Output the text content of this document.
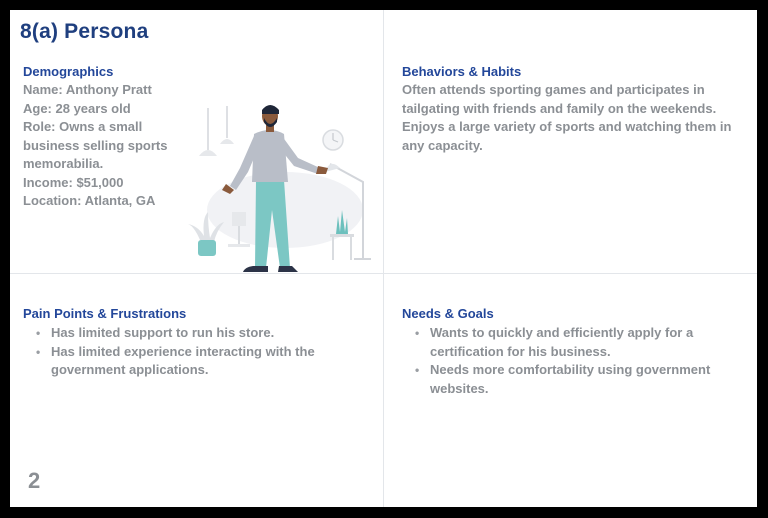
8(a) Persona
Demographics
Name: Anthony Pratt
Age: 28 years old
Role: Owns a small
business selling sports
memorabilia.
Income: $51,000
Location: Atlanta, GA
Behaviors & Habits
Often attends sporting games and participates in
tailgating with friends and family on the weekends.
Enjoys a large variety of sports and watching them in
any capacity.
Pain Points & Frustrations
• Has limited support to run his store.
• Has limited experience interacting with the
government applications.
Needs & Goals
• Wants to quickly and efficiently apply for a
certification for his business.
• Needs more comfortability using government
websites.
2
